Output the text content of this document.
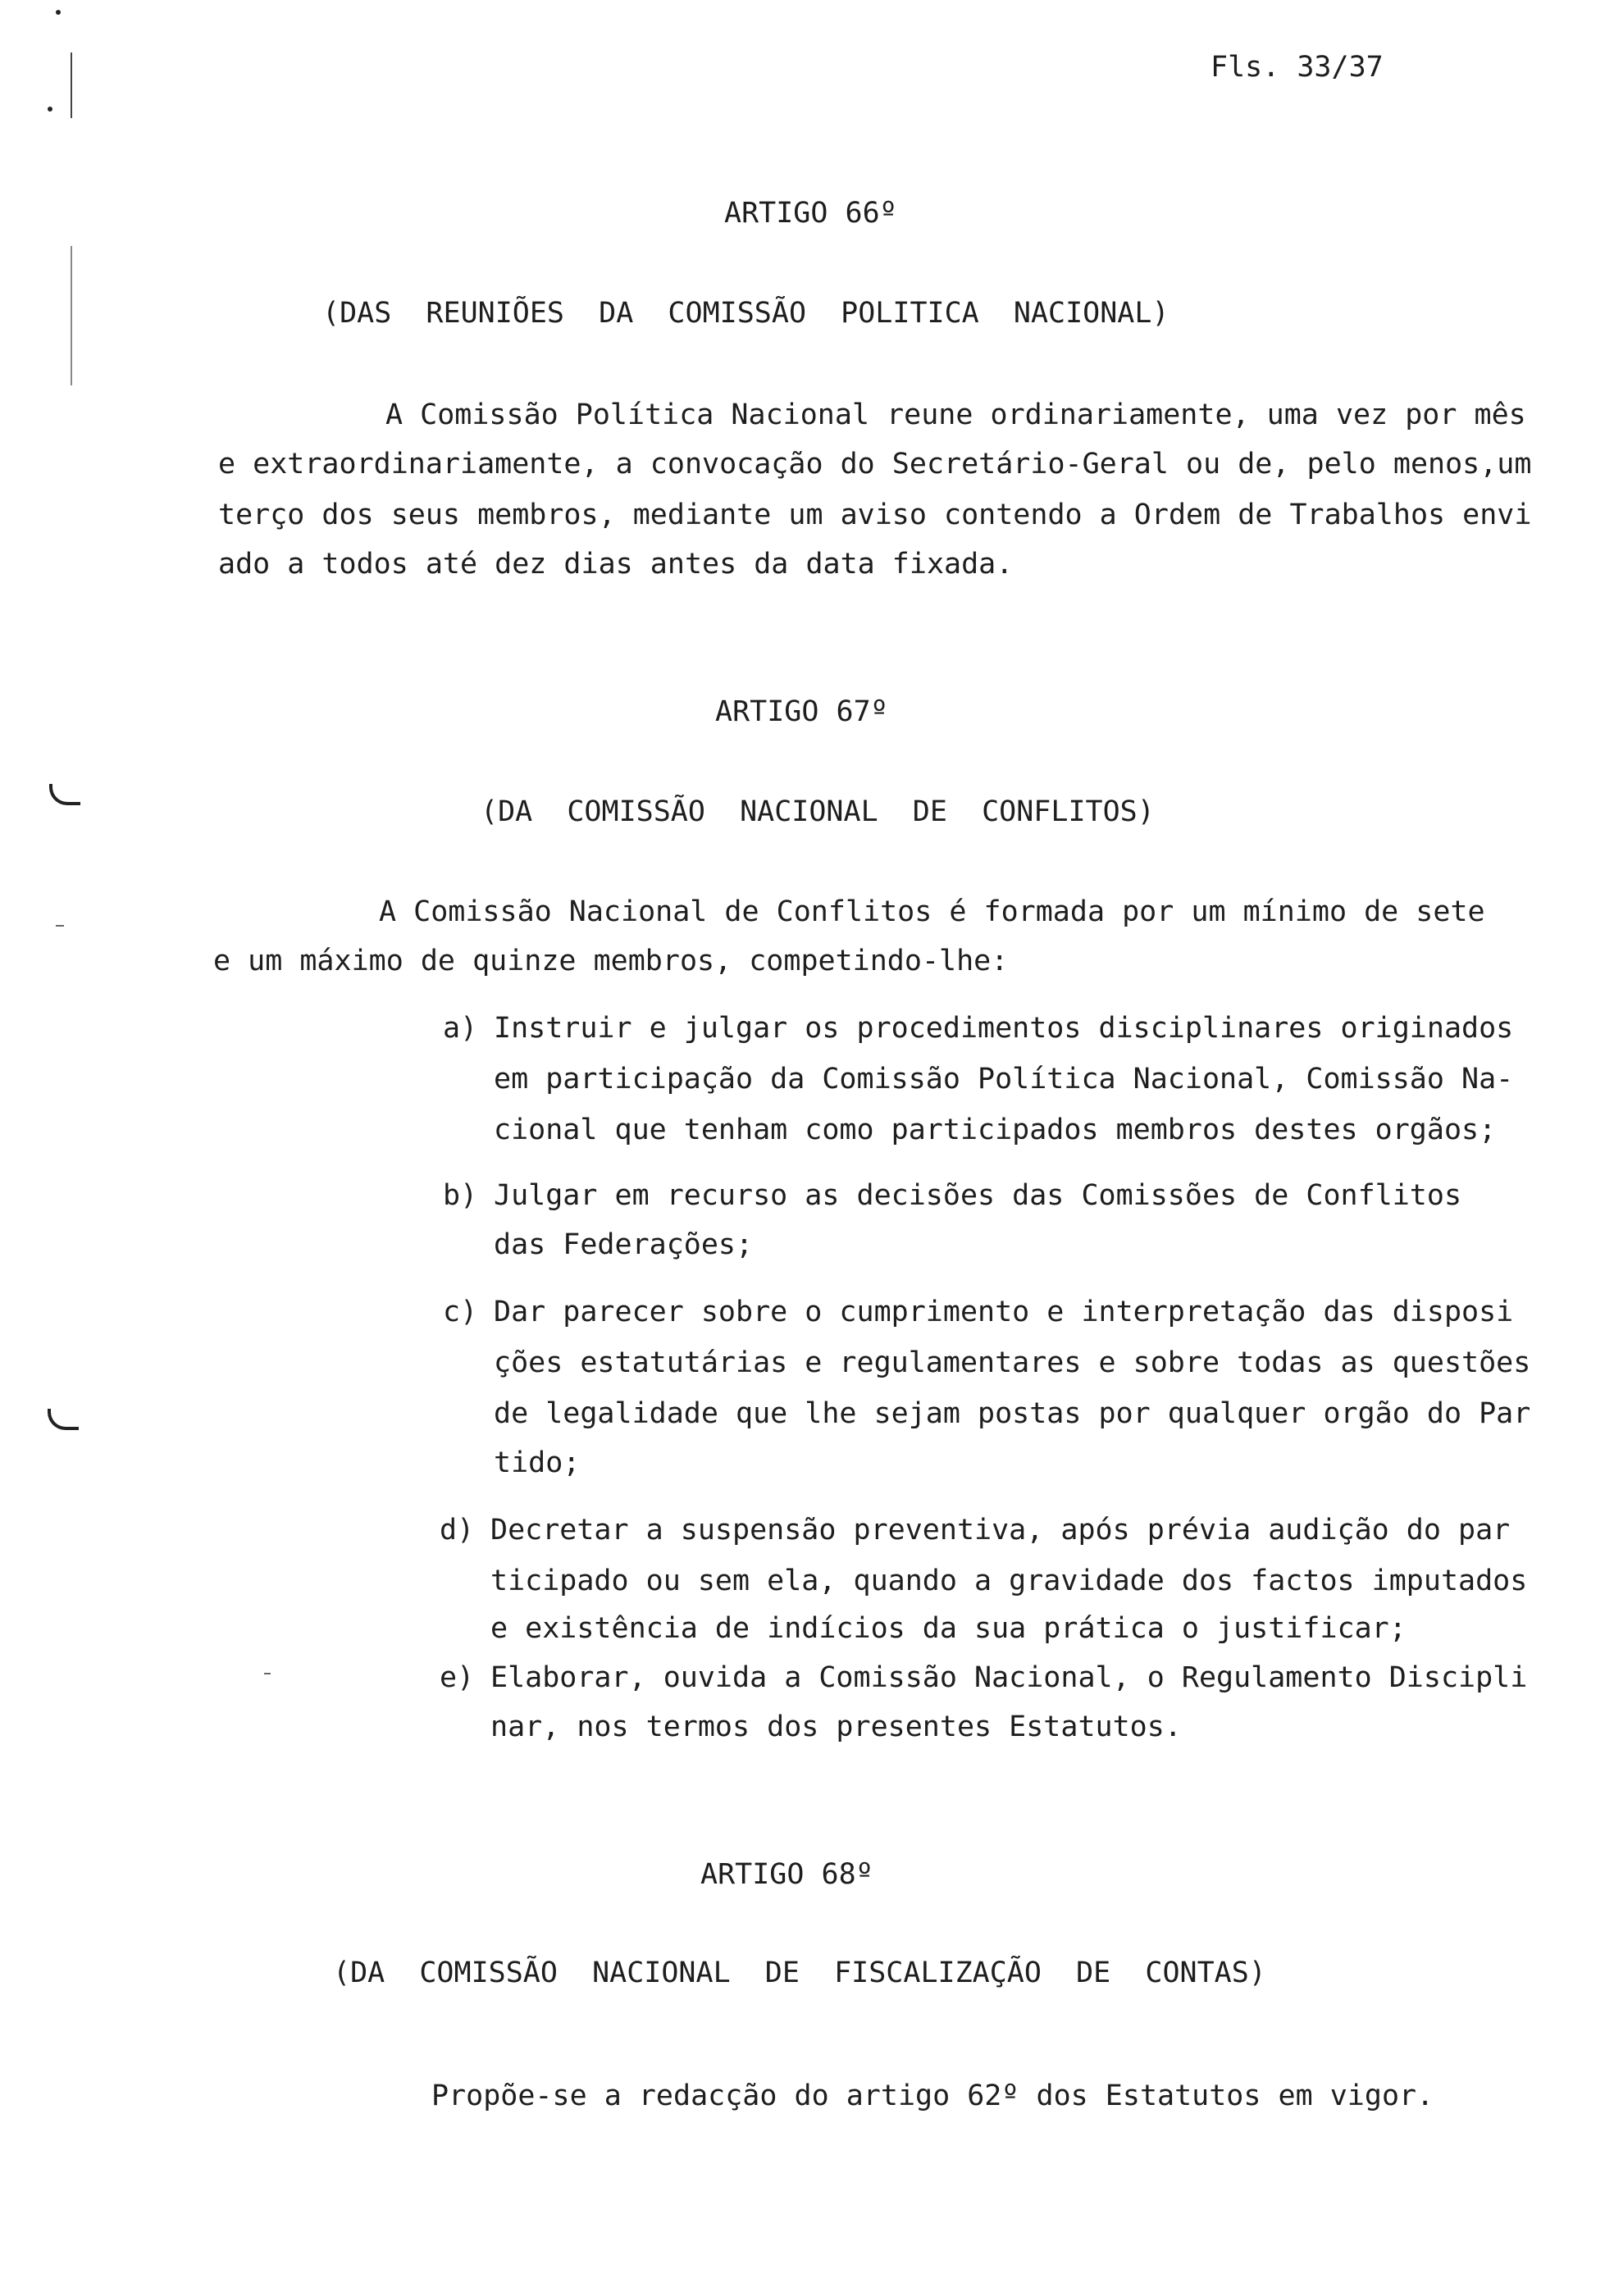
Fls. 33/37
ARTIGO 66º
(DAS  REUNIÕES  DA  COMISSÃO  POLITICA  NACIONAL)
A Comissão Política Nacional reune ordinariamente, uma vez por mês
e extraordinariamente, a convocação do Secretário-Geral ou de, pelo menos,um
terço dos seus membros, mediante um aviso contendo a Ordem de Trabalhos envi
ado a todos até dez dias antes da data fixada.
ARTIGO 67º
(DA  COMISSÃO  NACIONAL  DE  CONFLITOS)
A Comissão Nacional de Conflitos é formada por um mínimo de sete
e um máximo de quinze membros, competindo-lhe:
a) Instruir e julgar os procedimentos disciplinares originados
em participação da Comissão Política Nacional, Comissão Na-
cional que tenham como participados membros destes orgãos;
b) Julgar em recurso as decisões das Comissões de Conflitos
das Federações;
c) Dar parecer sobre o cumprimento e interpretação das disposi
ções estatutárias e regulamentares e sobre todas as questões
de legalidade que lhe sejam postas por qualquer orgão do Par
tido;
d) Decretar a suspensão preventiva, após prévia audição do par
ticipado ou sem ela, quando a gravidade dos factos imputados
e existência de indícios da sua prática o justificar;
e) Elaborar, ouvida a Comissão Nacional, o Regulamento Discipli
nar, nos termos dos presentes Estatutos.
ARTIGO 68º
(DA  COMISSÃO  NACIONAL  DE  FISCALIZAÇÃO  DE  CONTAS)
Propõe-se a redacção do artigo 62º dos Estatutos em vigor.
